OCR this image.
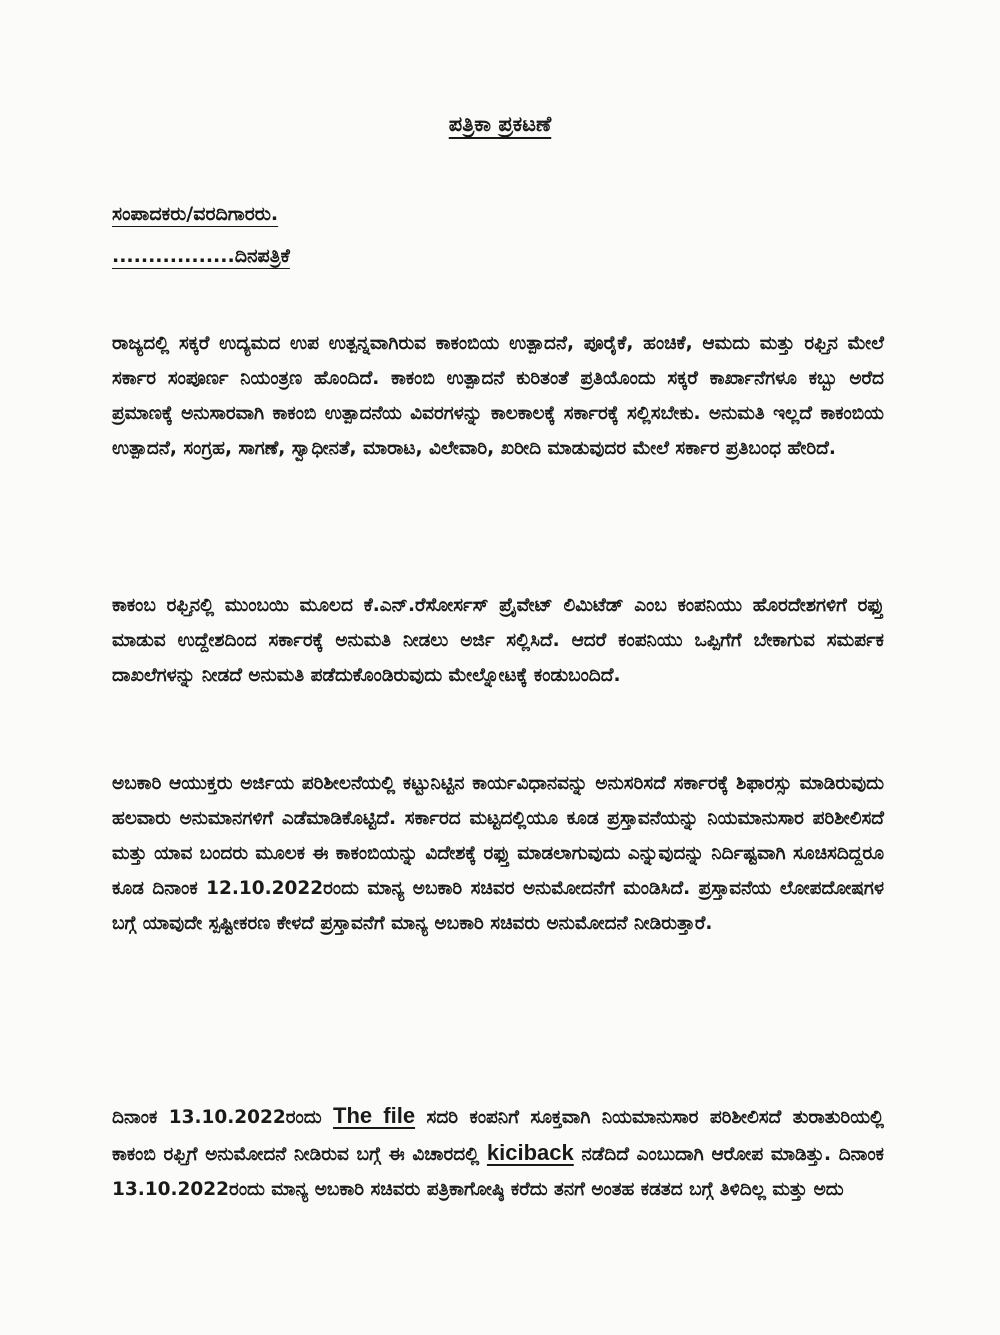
ಪತ್ರಿಕಾ ಪ್ರಕಟಣೆ
ಸಂಪಾದಕರು/ವರದಿಗಾರರು.
.................ದಿನಪತ್ರಿಕೆ

ರಾಜ್ಯದಲ್ಲಿ ಸಕ್ಕರೆ ಉದ್ಯಮದ ಉಪ ಉತ್ಪನ್ನವಾಗಿರುವ ಕಾಕಂಬಿಯ ಉತ್ಪಾದನೆ, ಪೂರೈಕೆ, ಹಂಚಿಕೆ, ಆಮದು ಮತ್ತು ರಫ್ತಿನ ಮೇಲೆ ಸರ್ಕಾರ ಸಂಪೂರ್ಣ ನಿಯಂತ್ರಣ ಹೊಂದಿದೆ. ಕಾಕಂಬಿ ಉತ್ಪಾದನೆ ಕುರಿತಂತೆ ಪ್ರತಿಯೊಂದು ಸಕ್ಕರೆ ಕಾರ್ಖಾನೆಗಳೂ ಕಬ್ಬು ಅರೆದ ಪ್ರಮಾಣಕ್ಕೆ ಅನುಸಾರವಾಗಿ ಕಾಕಂಬಿ ಉತ್ಪಾದನೆಯ ವಿವರಗಳನ್ನು ಕಾಲಕಾಲಕ್ಕೆ ಸರ್ಕಾರಕ್ಕೆ ಸಲ್ಲಿಸಬೇಕು. ಅನುಮತಿ ಇಲ್ಲದೆ ಕಾಕಂಬಿಯ ಉತ್ಪಾದನೆ, ಸಂಗ್ರಹ, ಸಾಗಣೆ, ಸ್ವಾಧೀನತೆ, ಮಾರಾಟ, ವಿಲೇವಾರಿ, ಖರೀದಿ ಮಾಡುವುದರ ಮೇಲೆ ಸರ್ಕಾರ ಪ್ರತಿಬಂಧ ಹೇರಿದೆ.

ಕಾಕಂಬ ರಫ್ತಿನಲ್ಲಿ ಮುಂಬಯಿ ಮೂಲದ ಕೆ.ಎನ್.ರೆಸೋರ್ಸಸ್ ಪ್ರೈವೇಟ್ ಲಿಮಿಟೆಡ್ ಎಂಬ ಕಂಪನಿಯು ಹೊರದೇಶಗಳಿಗೆ ರಫ್ತು ಮಾಡುವ ಉದ್ದೇಶದಿಂದ ಸರ್ಕಾರಕ್ಕೆ ಅನುಮತಿ ನೀಡಲು ಅರ್ಜಿ ಸಲ್ಲಿಸಿದೆ. ಆದರೆ ಕಂಪನಿಯು ಒಪ್ಪಿಗೆಗೆ ಬೇಕಾಗುವ ಸಮರ್ಪಕ ದಾಖಲೆಗಳನ್ನು ನೀಡದೆ ಅನುಮತಿ ಪಡೆದುಕೊಂಡಿರುವುದು ಮೇಲ್ನೋಟಕ್ಕೆ ಕಂಡುಬಂದಿದೆ.

ಅಬಕಾರಿ ಆಯುಕ್ತರು ಅರ್ಜಿಯ ಪರಿಶೀಲನೆಯಲ್ಲಿ ಕಟ್ಟುನಿಟ್ಟಿನ ಕಾರ್ಯವಿಧಾನವನ್ನು ಅನುಸರಿಸದೆ ಸರ್ಕಾರಕ್ಕೆ ಶಿಫಾರಸ್ಸು ಮಾಡಿರುವುದು ಹಲವಾರು ಅನುಮಾನಗಳಿಗೆ ಎಡೆಮಾಡಿಕೊಟ್ಟಿದೆ. ಸರ್ಕಾರದ ಮಟ್ಟದಲ್ಲಿಯೂ ಕೂಡ ಪ್ರಸ್ತಾವನೆಯನ್ನು ನಿಯಮಾನುಸಾರ ಪರಿಶೀಲಿಸದೆ ಮತ್ತು ಯಾವ ಬಂದರು ಮೂಲಕ ಈ ಕಾಕಂಬಿಯನ್ನು ವಿದೇಶಕ್ಕೆ ರಫ್ತು ಮಾಡಲಾಗುವುದು ಎನ್ನುವುದನ್ನು ನಿರ್ದಿಷ್ಟವಾಗಿ ಸೂಚಿಸದಿದ್ದರೂ ಕೂಡ ದಿನಾಂಕ 12.10.2022ರಂದು ಮಾನ್ಯ ಅಬಕಾರಿ ಸಚಿವರ ಅನುಮೋದನೆಗೆ ಮಂಡಿಸಿದೆ. ಪ್ರಸ್ತಾವನೆಯ ಲೋಪದೋಷಗಳ ಬಗ್ಗೆ ಯಾವುದೇ ಸ್ಪಷ್ಟೀಕರಣ ಕೇಳದೆ ಪ್ರಸ್ತಾವನೆಗೆ ಮಾನ್ಯ ಅಬಕಾರಿ ಸಚಿವರು ಅನುಮೋದನೆ ನೀಡಿರುತ್ತಾರೆ.

ದಿನಾಂಕ 13.10.2022ರಂದು The file ಸದರಿ ಕಂಪನಿಗೆ ಸೂಕ್ತವಾಗಿ ನಿಯಮಾನುಸಾರ ಪರಿಶೀಲಿಸದೆ ತುರಾತುರಿಯಲ್ಲಿ ಕಾಕಂಬಿ ರಫ್ತಿಗೆ ಅನುಮೋದನೆ ನೀಡಿರುವ ಬಗ್ಗೆ ಈ ವಿಚಾರದಲ್ಲಿ kiciback ನಡೆದಿದೆ ಎಂಬುದಾಗಿ ಆರೋಪ ಮಾಡಿತ್ತು. ದಿನಾಂಕ 13.10.2022ರಂದು ಮಾನ್ಯ ಅಬಕಾರಿ ಸಚಿವರು ಪತ್ರಿಕಾಗೋಷ್ಠಿ ಕರೆದು ತನಗೆ ಅಂತಹ ಕಡತದ ಬಗ್ಗೆ ತಿಳಿದಿಲ್ಲ ಮತ್ತು ಅದು
